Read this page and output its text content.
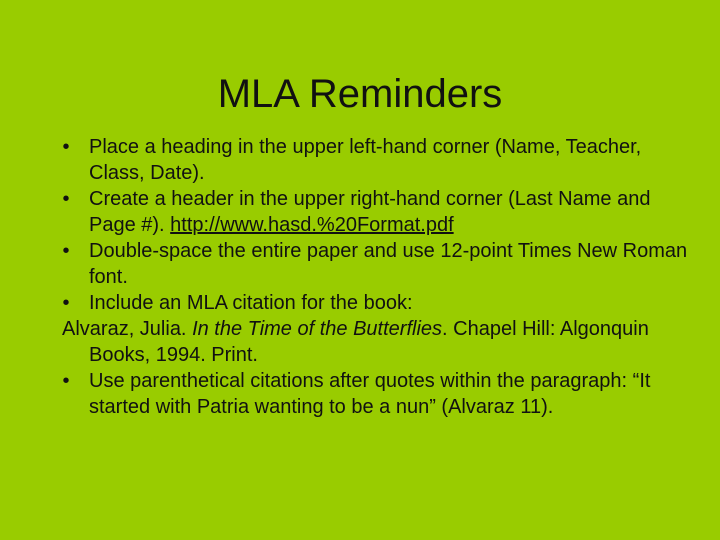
MLA Reminders
• Place a heading in the upper left-hand corner (Name, Teacher, Class, Date).
• Create a header in the upper right-hand corner (Last Name and Page #). http://www.hasd.%20Format.pdf
• Double-space the entire paper and use 12-point Times New Roman font.
• Include an MLA citation for the book:
Alvaraz, Julia. In the Time of the Butterflies. Chapel Hill: Algonquin Books, 1994. Print.
• Use parenthetical citations after quotes within the paragraph: “It started with Patria wanting to be a nun” (Alvaraz 11).
